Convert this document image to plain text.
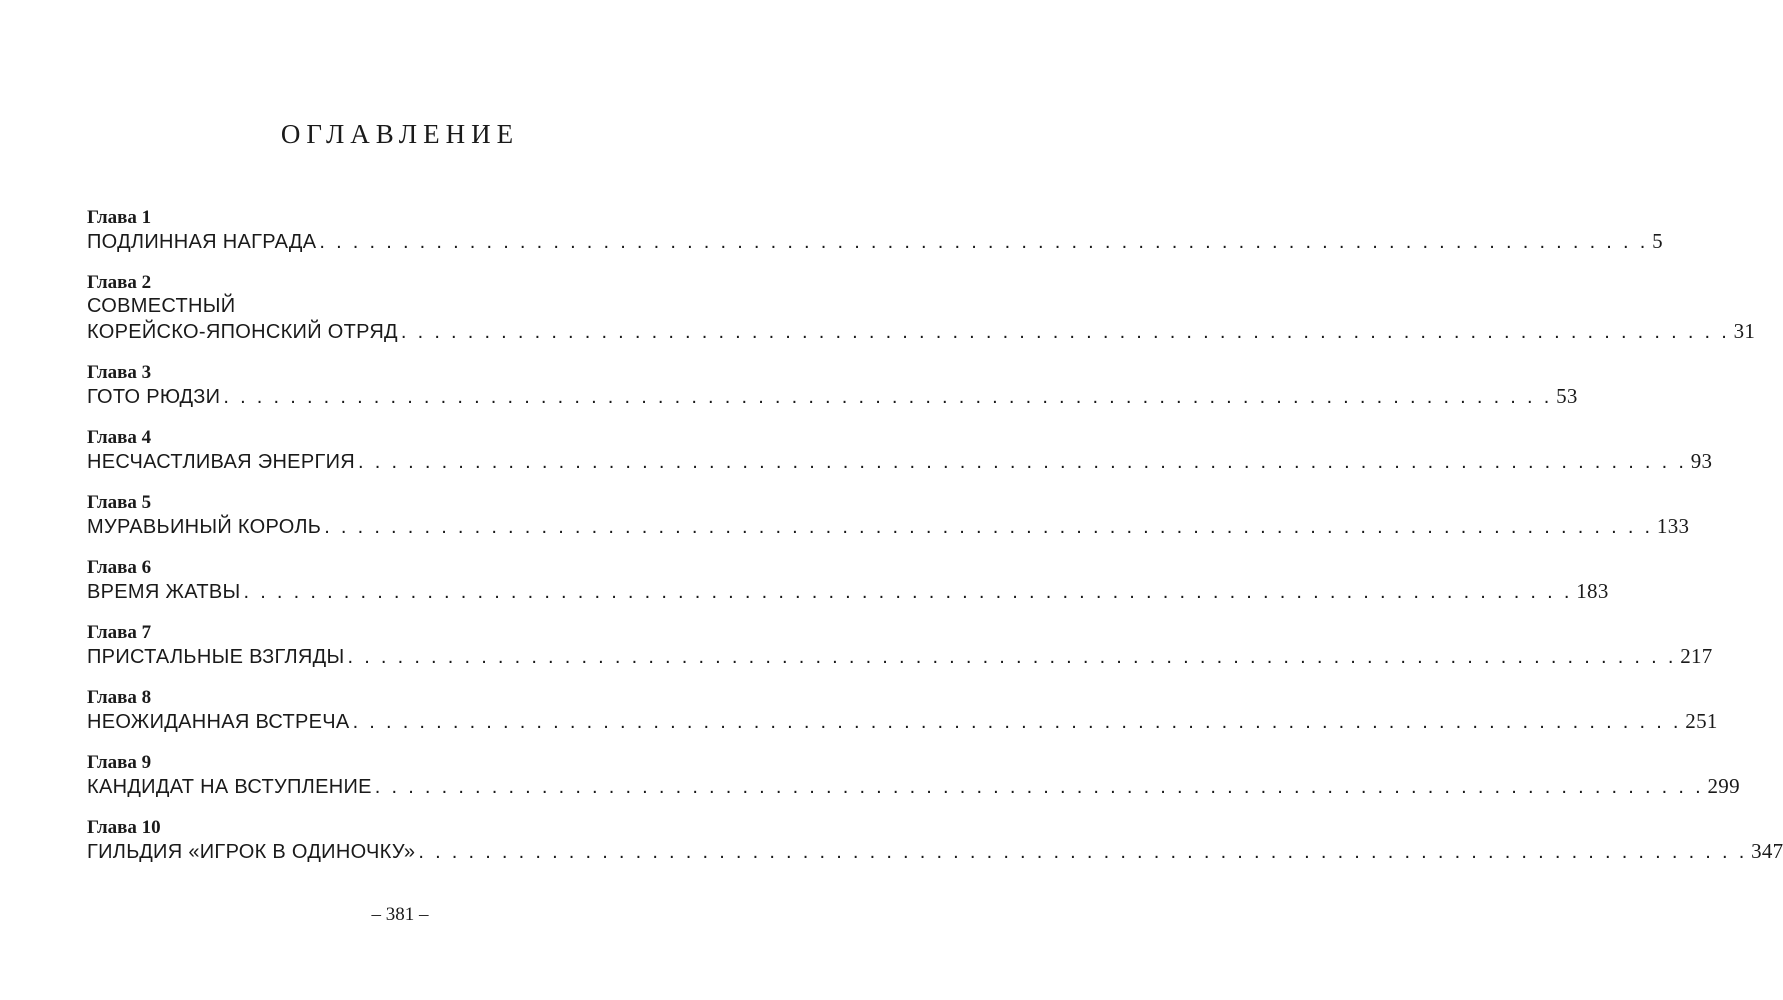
ОГЛАВЛЕНИЕ
Глава 1
ПОДЛИННАЯ НАГРАДА . . . . . . . . . . . . . . . . . . . . . . . . . . . . . . . . . . . . . . . . . . . . . . . . . . . . . . . . . . . . . . . . . . . . . . . . . . . . . . . . 5
Глава 2
СОВМЕСТНЫЙ
КОРЕЙСКО-ЯПОНСКИЙ ОТРЯД . . . . . . . . . . . . . . . . . . . . . . . . . . . . . . . . . . . . . . . . . . . . . . . . . . . . . . . . . . . . . . . . . . . . . . . . . . . . . . . . 31
Глава 3
ГОТО РЮДЗИ . . . . . . . . . . . . . . . . . . . . . . . . . . . . . . . . . . . . . . . . . . . . . . . . . . . . . . . . . . . . . . . . . . . . . . . . . . . . . . . . 53
Глава 4
НЕСЧАСТЛИВАЯ ЭНЕРГИЯ . . . . . . . . . . . . . . . . . . . . . . . . . . . . . . . . . . . . . . . . . . . . . . . . . . . . . . . . . . . . . . . . . . . . . . . . . . . . . . . . 93
Глава 5
МУРАВЬИНЫЙ КОРОЛЬ . . . . . . . . . . . . . . . . . . . . . . . . . . . . . . . . . . . . . . . . . . . . . . . . . . . . . . . . . . . . . . . . . . . . . . . . . . . . . . . . 133
Глава 6
ВРЕМЯ ЖАТВЫ . . . . . . . . . . . . . . . . . . . . . . . . . . . . . . . . . . . . . . . . . . . . . . . . . . . . . . . . . . . . . . . . . . . . . . . . . . . . . . . . 183
Глава 7
ПРИСТАЛЬНЫЕ ВЗГЛЯДЫ . . . . . . . . . . . . . . . . . . . . . . . . . . . . . . . . . . . . . . . . . . . . . . . . . . . . . . . . . . . . . . . . . . . . . . . . . . . . . . . . 217
Глава 8
НЕОЖИДАННАЯ ВСТРЕЧА . . . . . . . . . . . . . . . . . . . . . . . . . . . . . . . . . . . . . . . . . . . . . . . . . . . . . . . . . . . . . . . . . . . . . . . . . . . . . . . . 251
Глава 9
КАНДИДАТ НА ВСТУПЛЕНИЕ . . . . . . . . . . . . . . . . . . . . . . . . . . . . . . . . . . . . . . . . . . . . . . . . . . . . . . . . . . . . . . . . . . . . . . . . . . . . . . . . 299
Глава 10
ГИЛЬДИЯ «ИГРОК В ОДИНОЧКУ» . . . . . . . . . . . . . . . . . . . . . . . . . . . . . . . . . . . . . . . . . . . . . . . . . . . . . . . . . . . . . . . . . . . . . . . . . . . . . . . . 347
– 381 –
